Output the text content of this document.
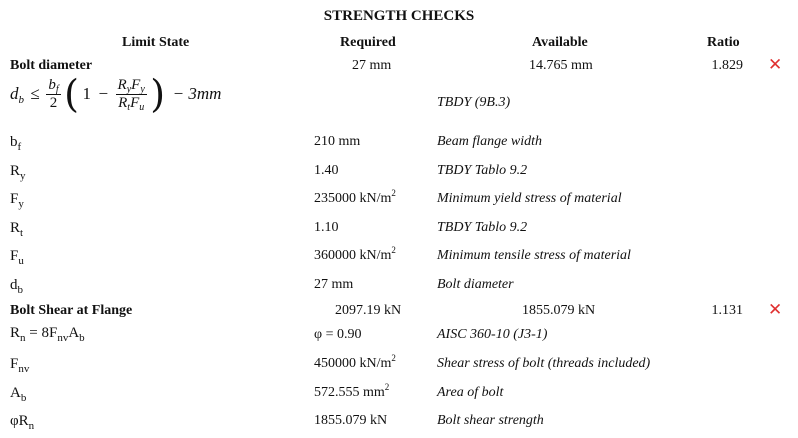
STRENGTH CHECKS
Limit State	Required	Available	Ratio
Bolt diameter	27 mm	14.765 mm	1.829 ✕
$d_b \le \frac{b_f}{2}$ ( $1 - \frac{R_yF_y}{R_tF_u}$ ) − 3mm	TBDY (9B.3)
$b_f$	210 mm	Beam flange width
$R_y$	1.40	TBDY Tablo 9.2
$F_y$	235000 $kN/m^2$	Minimum yield stress of material
$R_t$	1.10	TBDY Tablo 9.2
$F_u$	360000 $kN/m^2$	Minimum tensile stress of material
$d_b$	27 mm	Bolt diameter
Bolt Shear at Flange	2097.19 kN	1855.079 kN	1.131 ✕
$R_n = 8F_{nv}A_b$	φ = 0.90	AISC 360-10 (J3-1)
$F_{nv}$	450000 $kN/m^2$	Shear stress of bolt (threads included)
$A_b$	572.555 $mm^2$	Area of bolt
$\varphi R_n$	1855.079 kN	Bolt shear strength
